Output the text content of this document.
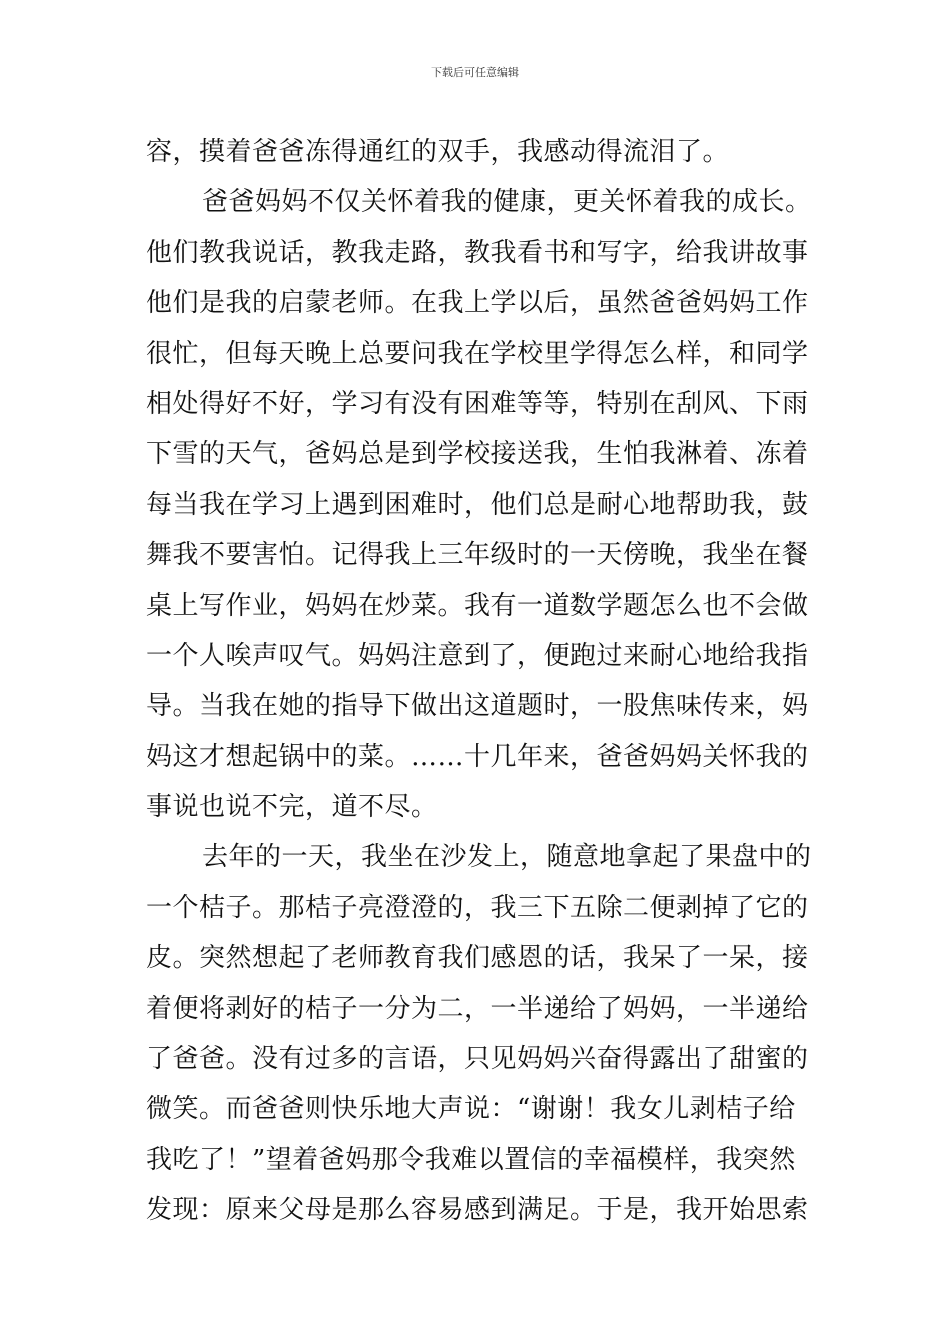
下载后可任意编辑
容，摸着爸爸冻得通红的双手，我感动得流泪了。
爸爸妈妈不仅关怀着我的健康，更关怀着我的成长。
他们教我说话，教我走路，教我看书和写字，给我讲故事
他们是我的启蒙老师。在我上学以后，虽然爸爸妈妈工作
很忙，但每天晚上总要问我在学校里学得怎么样，和同学
相处得好不好，学习有没有困难等等，特别在刮风、下雨
下雪的天气，爸妈总是到学校接送我，生怕我淋着、冻着
每当我在学习上遇到困难时，他们总是耐心地帮助我，鼓
舞我不要害怕。记得我上三年级时的一天傍晚，我坐在餐
桌上写作业，妈妈在炒菜。我有一道数学题怎么也不会做
一个人唉声叹气。妈妈注意到了，便跑过来耐心地给我指
导。当我在她的指导下做出这道题时，一股焦味传来，妈
妈这才想起锅中的菜。……十几年来，爸爸妈妈关怀我的
事说也说不完，道不尽。
去年的一天，我坐在沙发上，随意地拿起了果盘中的
一个桔子。那桔子亮澄澄的，我三下五除二便剥掉了它的
皮。突然想起了老师教育我们感恩的话，我呆了一呆，接
着便将剥好的桔子一分为二，一半递给了妈妈，一半递给
了爸爸。没有过多的言语，只见妈妈兴奋得露出了甜蜜的
微笑。而爸爸则快乐地大声说：“谢谢！我女儿剥桔子给
我吃了！”望着爸妈那令我难以置信的幸福模样，我突然
发现：原来父母是那么容易感到满足。于是，我开始思索
